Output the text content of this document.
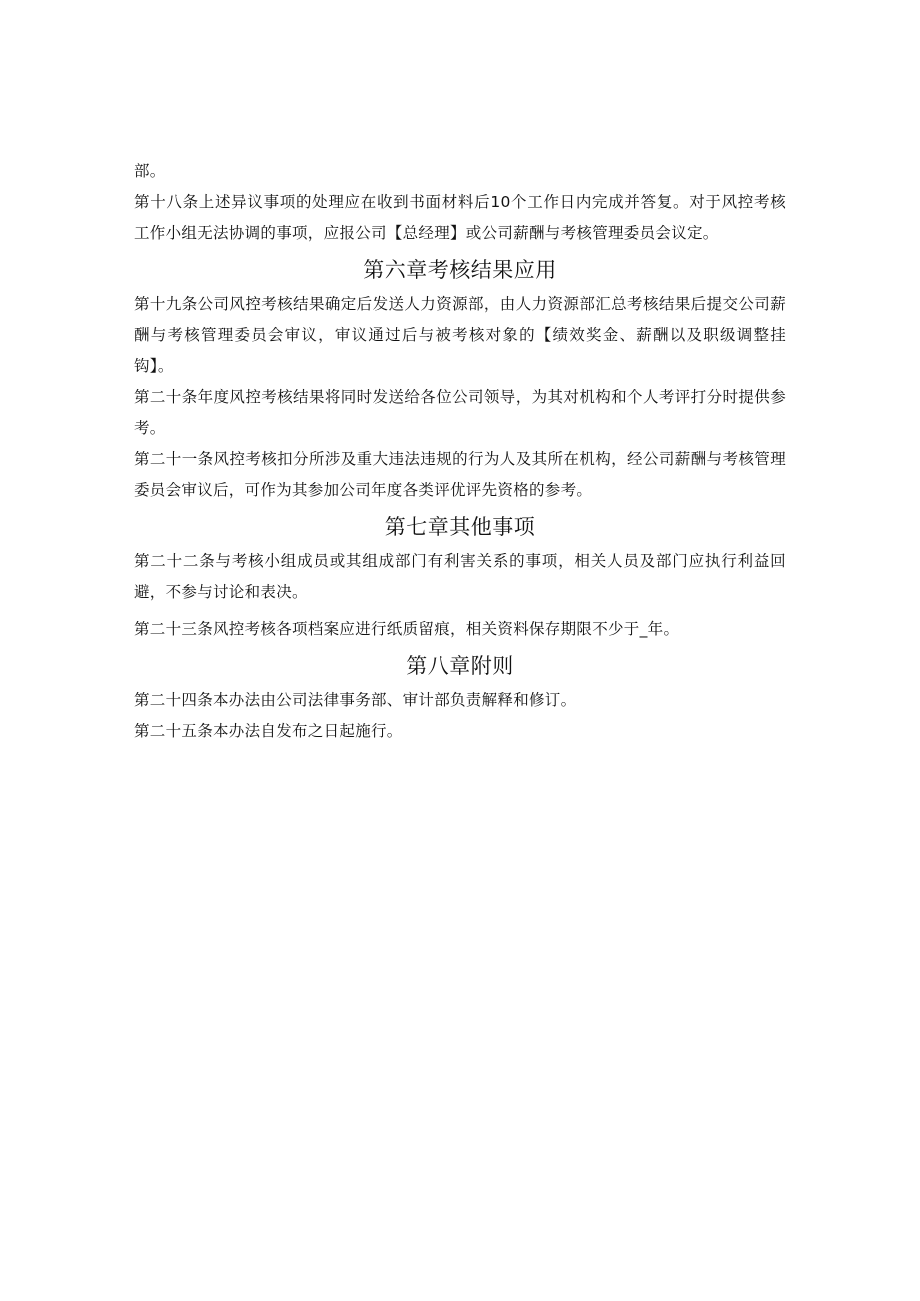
部。

第十八条上述异议事项的处理应在收到书面材料后10个工作日内完成并答复。对于风控考核工作小组无法协调的事项，应报公司【总经理】或公司薪酬与考核管理委员会议定。

第六章考核结果应用

第十九条公司风控考核结果确定后发送人力资源部，由人力资源部汇总考核结果后提交公司薪酬与考核管理委员会审议，审议通过后与被考核对象的【绩效奖金、薪酬以及职级调整挂钩】。

第二十条年度风控考核结果将同时发送给各位公司领导，为其对机构和个人考评打分时提供参考。

第二十一条风控考核扣分所涉及重大违法违规的行为人及其所在机构，经公司薪酬与考核管理委员会审议后，可作为其参加公司年度各类评优评先资格的参考。

第七章其他事项

第二十二条与考核小组成员或其组成部门有利害关系的事项，相关人员及部门应执行利益回避，不参与讨论和表决。

第二十三条风控考核各项档案应进行纸质留痕，相关资料保存期限不少于_年。

第八章附则

第二十四条本办法由公司法律事务部、审计部负责解释和修订。

第二十五条本办法自发布之日起施行。
